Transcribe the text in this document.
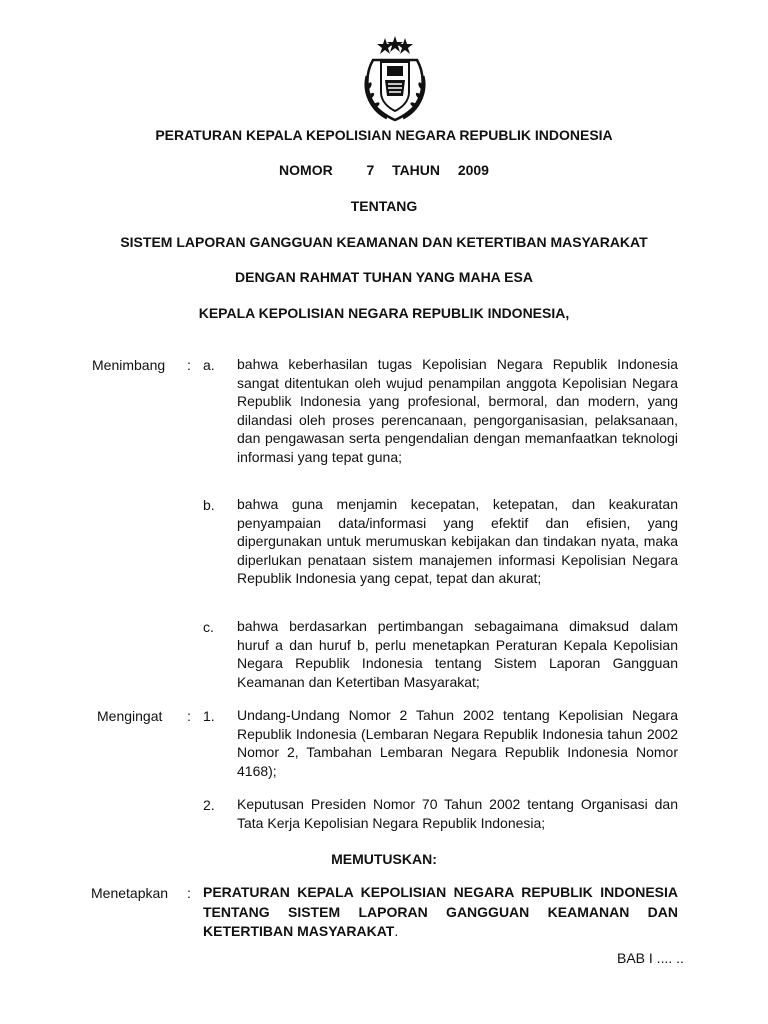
PERATURAN KEPALA KEPOLISIAN NEGARA REPUBLIK INDONESIA
NOMOR 7 TAHUN 2009
TENTANG
SISTEM LAPORAN GANGGUAN KEAMANAN DAN KETERTIBAN MASYARAKAT
DENGAN RAHMAT TUHAN YANG MAHA ESA
KEPALA KEPOLISIAN NEGARA REPUBLIK INDONESIA,
Menimbang : a. bahwa keberhasilan tugas Kepolisian Negara Republik Indonesia sangat ditentukan oleh wujud penampilan anggota Kepolisian Negara Republik Indonesia yang profesional, bermoral, dan modern, yang dilandasi oleh proses perencanaan, pengorganisasian, pelaksanaan, dan pengawasan serta pengendalian dengan memanfaatkan teknologi informasi yang tepat guna;
b. bahwa guna menjamin kecepatan, ketepatan, dan keakuratan penyampaian data/informasi yang efektif dan efisien, yang dipergunakan untuk merumuskan kebijakan dan tindakan nyata, maka diperlukan penataan sistem manajemen informasi Kepolisian Negara Republik Indonesia yang cepat, tepat dan akurat;
c. bahwa berdasarkan pertimbangan sebagaimana dimaksud dalam huruf a dan huruf b, perlu menetapkan Peraturan Kepala Kepolisian Negara Republik Indonesia tentang Sistem Laporan Gangguan Keamanan dan Ketertiban Masyarakat;
Mengingat : 1. Undang-Undang Nomor 2 Tahun 2002 tentang Kepolisian Negara Republik Indonesia (Lembaran Negara Republik Indonesia tahun 2002 Nomor 2, Tambahan Lembaran Negara Republik Indonesia Nomor 4168);
2. Keputusan Presiden Nomor 70 Tahun 2002 tentang Organisasi dan Tata Kerja Kepolisian Negara Republik Indonesia;
MEMUTUSKAN:
Menetapkan : PERATURAN KEPALA KEPOLISIAN NEGARA REPUBLIK INDONESIA TENTANG SISTEM LAPORAN GANGGUAN KEAMANAN DAN KETERTIBAN MASYARAKAT.
BAB I .... ..
